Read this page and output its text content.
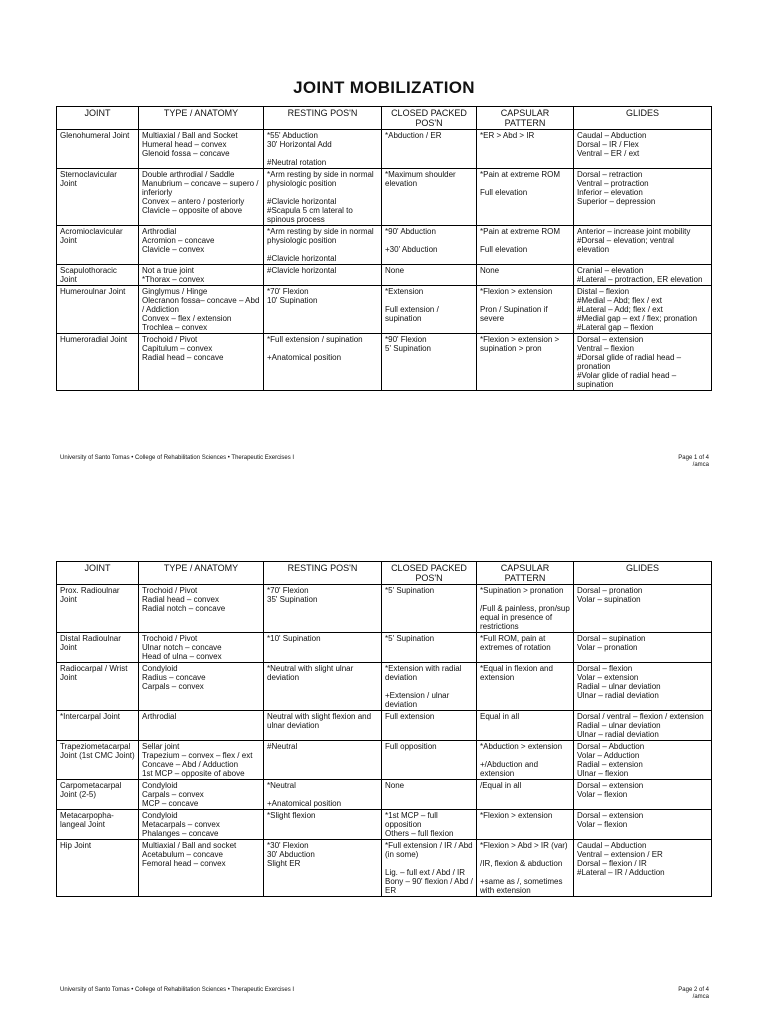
JOINT MOBILIZATION
JOINT	TYPE / ANATOMY	RESTING POS'N	CLOSED PACKED POS'N	CAPSULAR PATTERN	GLIDES
Glenohumeral Joint	Multiaxial / Ball and Socket
Humeral head – convex
Glenoid fossa – concave	*55' Abduction
30' Horizontal Add

#Neutral rotation	*Abduction / ER	*ER > Abd > IR	Caudal – Abduction
Dorsal – IR / Flex
Ventral – ER / ext
Sternoclavicular Joint	Double arthrodial / Saddle
Manubrium – concave – supero / inferiorly
Convex – antero / posteriorly
Clavicle – opposite of above	*Arm resting by side in normal physiologic position

#Clavicle horizontal
#Scapula 5 cm lateral to spinous process	*Maximum shoulder elevation	*Pain at extreme ROM

Full elevation	Dorsal – retraction
Ventral – protraction
Inferior – elevation
Superior – depression
Acromioclavicular Joint	Arthrodial
Acromion – concave
Clavicle – convex	*Arm resting by side in normal physiologic position

#Clavicle horizontal	*90' Abduction

+30' Abduction	*Pain at extreme ROM

Full elevation	Anterior – increase joint mobility
#Dorsal – elevation; ventral elevation
Scapulothoracic Joint	Not a true joint
*Thorax – convex	#Clavicle horizontal	None	None	Cranial – elevation
#Lateral – protraction, ER elevation
Humeroulnar Joint	Ginglymus / Hinge
Olecranon fossa– concave – Abd / Addiction
Convex – flex / extension
Trochlea – convex	*70' Flexion
10' Supination	*Extension

Full extension / supination	*Flexion > extension

Pron / Supination if severe	Distal – flexion
#Medial – Abd; flex / ext
#Lateral – Add; flex / ext
#Medial gap – ext / flex; pronation
#Lateral gap – flexion
Humeroradial Joint	Trochoid / Pivot
Capitulum – convex
Radial head – concave	*Full extension / supination

+Anatomical position	*90' Flexion
5' Supination	*Flexion > extension > supination > pron	Dorsal – extension
Ventral – flexion
#Dorsal glide of radial head – pronation
#Volar glide of radial head – supination
University of Santo Tomas • College of Rehabilitation Sciences • Therapeutic Exercises I	Page 1 of 4
/amca
JOINT	TYPE / ANATOMY	RESTING POS'N	CLOSED PACKED POS'N	CAPSULAR PATTERN	GLIDES
Prox. Radioulnar Joint	Trochoid / Pivot
Radial head – convex
Radial notch – concave	*70' Flexion
35' Supination	*5' Supination	*Supination > pronation

/Full & painless, pron/sup equal in presence of restrictions	Dorsal – pronation
Volar – supination
Distal Radioulnar Joint	Trochoid / Pivot
Ulnar notch – concave
Head of ulna – convex	*10' Supination	*5' Supination	*Full ROM, pain at extremes of rotation	Dorsal – supination
Volar – pronation
Radiocarpal / Wrist Joint	Condyloid
Radius – concave
Carpals – convex	*Neutral with slight ulnar deviation	*Extension with radial deviation

+Extension / ulnar deviation	*Equal in flexion and extension	Dorsal – flexion
Volar – extension
Radial – ulnar deviation
Ulnar – radial deviation
*Intercarpal Joint	Arthrodial	Neutral with slight flexion and ulnar deviation	Full extension	Equal in all	Dorsal / ventral – flexion / extension
Radial – ulnar deviation
Ulnar – radial deviation
Trapeziometacarpal Joint (1st CMC Joint)	Sellar joint
Trapezium – convex – flex / ext
Concave – Abd / Adduction
1st MCP – opposite of above	#Neutral	Full opposition	*Abduction > extension

+/Abduction and extension	Dorsal – Abduction
Volar – Adduction
Radial – extension
Ulnar – flexion
Carpometacarpal Joint (2-5)	Condyloid
Carpals – convex
MCP – concave	*Neutral

+Anatomical position	None	/Equal in all	Dorsal – extension
Volar – flexion
Metacarpopha-langeal Joint	Condyloid
Metacarpals – convex
Phalanges – concave	*Slight flexion	*1st MCP – full opposition
Others – full flexion	*Flexion > extension	Dorsal – extension
Volar – flexion
Hip Joint	Multiaxial / Ball and socket
Acetabulum – concave
Femoral head – convex	*30' Flexion
30' Abduction
Slight ER	*Full extension / IR / Abd (in some)

Lig. – full ext / Abd / IR
Bony – 90' flexion / Abd / ER	*Flexion > Abd > IR (var)

/IR, flexion & abduction

+same as /, sometimes with extension	Caudal – Abduction
Ventral – extension / ER
Dorsal – flexion / IR
#Lateral – IR / Adduction
University of Santo Tomas • College of Rehabilitation Sciences • Therapeutic Exercises I	Page 2 of 4
/amca
